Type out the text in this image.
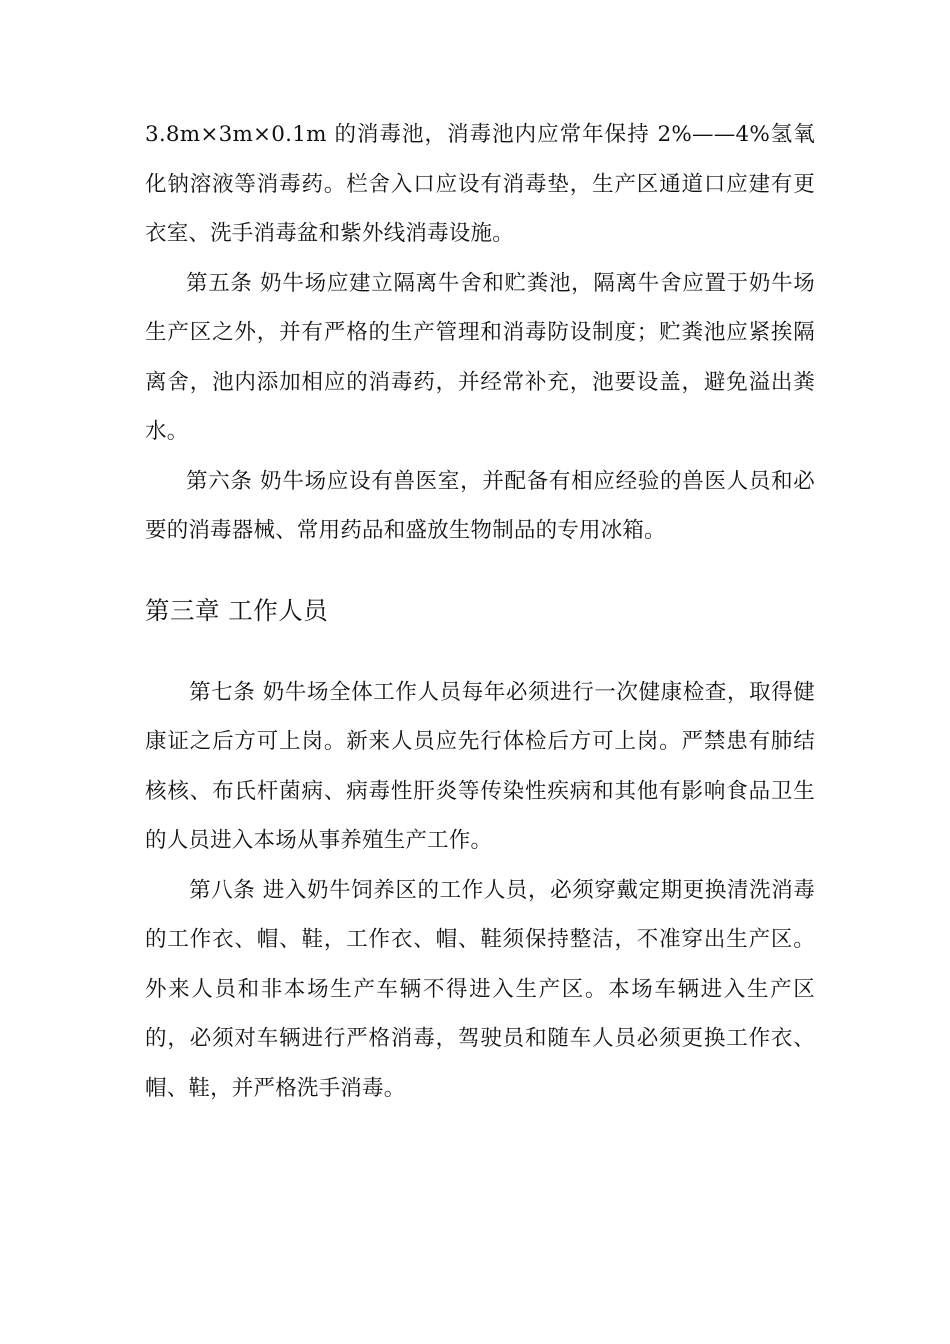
3.8m×3m×0.1m 的消毒池，消毒池内应常年保持 2%——4%氢氧化钠溶液等消毒药。栏舍入口应设有消毒垫，生产区通道口应建有更衣室、洗手消毒盆和紫外线消毒设施。

第五条 奶牛场应建立隔离牛舍和贮粪池，隔离牛舍应置于奶牛场生产区之外，并有严格的生产管理和消毒防设制度；贮粪池应紧挨隔离舍，池内添加相应的消毒药，并经常补充，池要设盖，避免溢出粪水。

第六条 奶牛场应设有兽医室，并配备有相应经验的兽医人员和必要的消毒器械、常用药品和盛放生物制品的专用冰箱。

第三章 工作人员

第七条 奶牛场全体工作人员每年必须进行一次健康检查，取得健康证之后方可上岗。新来人员应先行体检后方可上岗。严禁患有肺结核核、布氏杆菌病、病毒性肝炎等传染性疾病和其他有影响食品卫生的人员进入本场从事养殖生产工作。

第八条 进入奶牛饲养区的工作人员，必须穿戴定期更换清洗消毒的工作衣、帽、鞋，工作衣、帽、鞋须保持整洁，不准穿出生产区。外来人员和非本场生产车辆不得进入生产区。本场车辆进入生产区的，必须对车辆进行严格消毒，驾驶员和随车人员必须更换工作衣、帽、鞋，并严格洗手消毒。
